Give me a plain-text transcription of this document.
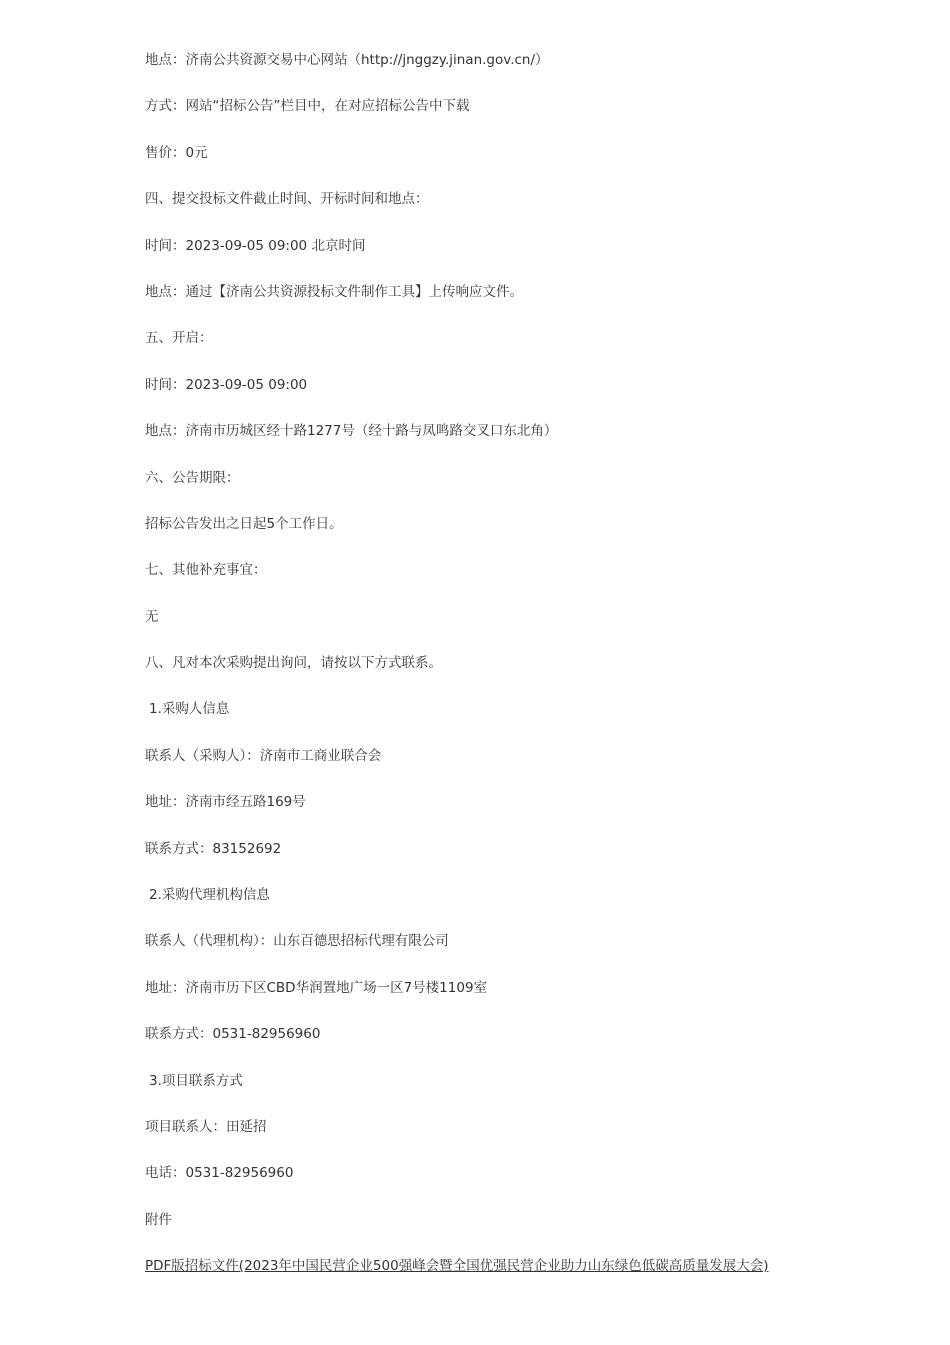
地点：济南公共资源交易中心网站（http://jnggzy.jinan.gov.cn/）

方式：网站“招标公告”栏目中，在对应招标公告中下载

售价：0元

四、提交投标文件截止时间、开标时间和地点：

时间：2023-09-05 09:00 北京时间

地点：通过【济南公共资源投标文件制作工具】上传响应文件。

五、开启：

时间：2023-09-05 09:00

地点：济南市历城区经十路1277号（经十路与凤鸣路交叉口东北角）

六、公告期限：

招标公告发出之日起5个工作日。

七、其他补充事宜：

无

八、凡对本次采购提出询问，请按以下方式联系。

1.采购人信息

联系人（采购人）：济南市工商业联合会

地址：济南市经五路169号

联系方式：83152692

2.采购代理机构信息

联系人（代理机构）：山东百德思招标代理有限公司

地址：济南市历下区CBD华润置地广场一区7号楼1109室

联系方式：0531-82956960

3.项目联系方式

项目联系人：田延招

电话：0531-82956960

附件

PDF版招标文件(2023年中国民营企业500强峰会暨全国优强民营企业助力山东绿色低碳高质量发展大会)
